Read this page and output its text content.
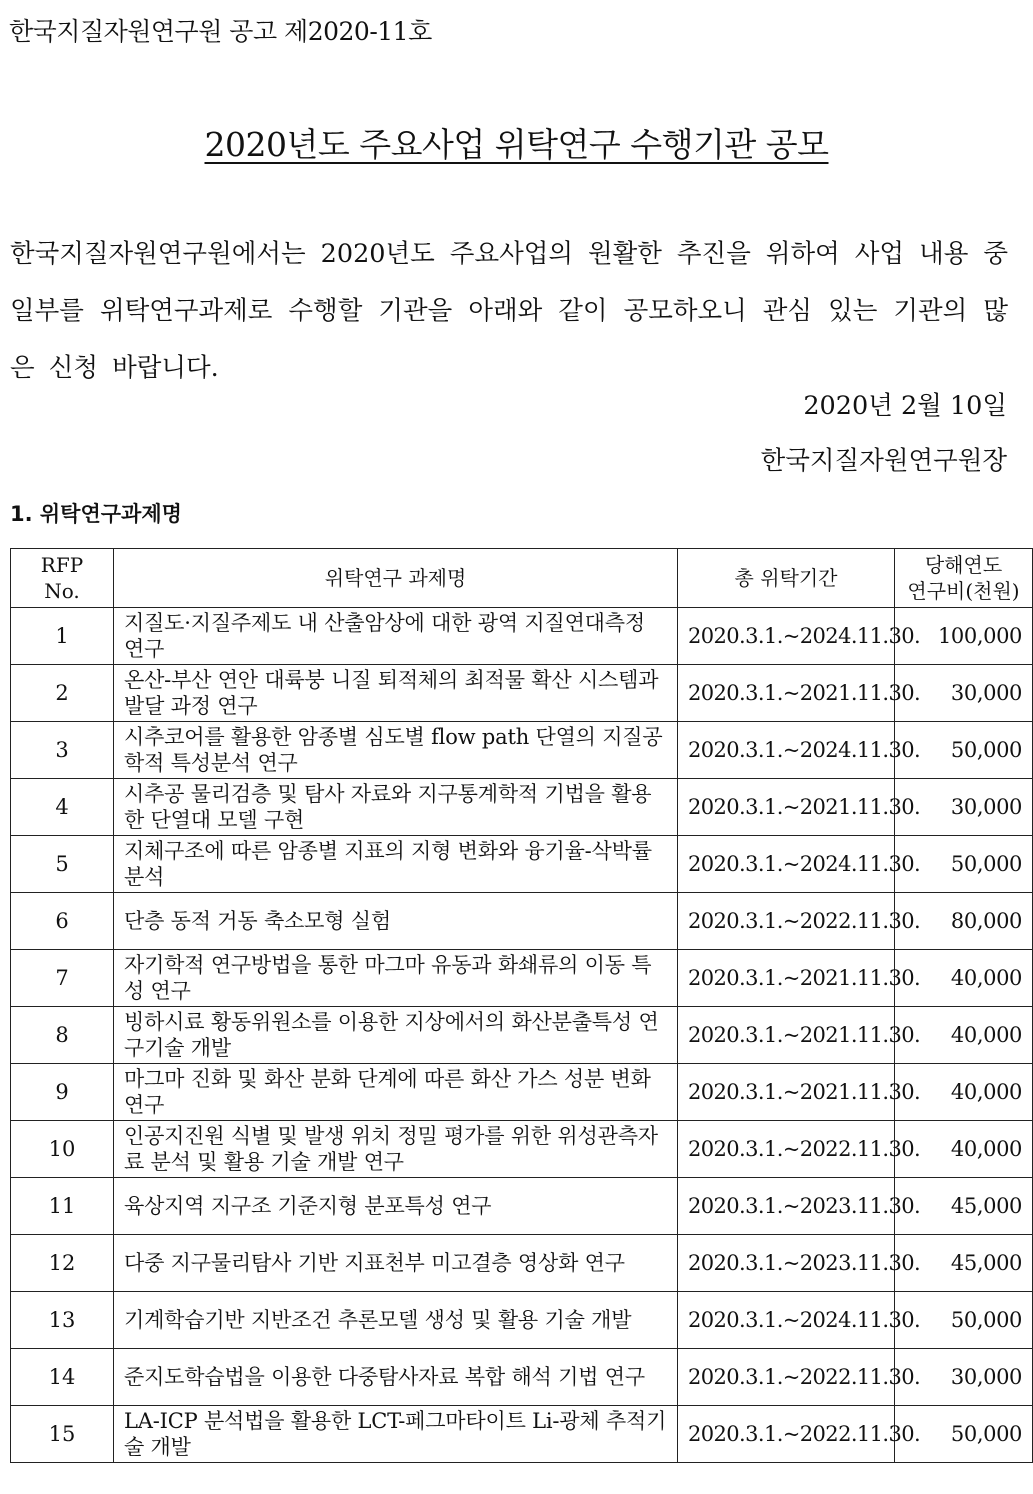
한국지질자원연구원 공고 제2020-11호
2020년도 주요사업 위탁연구 수행기관 공모

한국지질자원연구원에서는 2020년도 주요사업의 원활한 추진을 위하여 사업 내용 중 일부를 위탁연구과제로 수행할 기관을 아래와 같이 공모하오니 관심 있는 기관의 많은 신청 바랍니다.

2020년 2월 10일
한국지질자원연구원장
1. 위탁연구과제명
RFP No.	위탁연구 과제명	총 위탁기간	당해연도
연구비(천원)
1	지질도·지질주제도 내 산출암상에 대한 광역 지질연대측정 연구	2020.3.1.~2024.11.30.	100,000
2	온산-부산 연안 대륙붕 니질 퇴적체의 최적물 확산 시스템과 발달 과정 연구	2020.3.1.~2021.11.30.	30,000
3	시추코어를 활용한 암종별 심도별 flow path 단열의 지질공학적 특성분석 연구	2020.3.1.~2024.11.30.	50,000
4	시추공 물리검층 및 탐사 자료와 지구통계학적 기법을 활용한 단열대 모델 구현	2020.3.1.~2021.11.30.	30,000
5	지체구조에 따른 암종별 지표의 지형 변화와 융기율-삭박률 분석	2020.3.1.~2024.11.30.	50,000
6	단층 동적 거동 축소모형 실험	2020.3.1.~2022.11.30.	80,000
7	자기학적 연구방법을 통한 마그마 유동과 화쇄류의 이동 특성 연구	2020.3.1.~2021.11.30.	40,000
8	빙하시료 황동위원소를 이용한 지상에서의 화산분출특성 연구기술 개발	2020.3.1.~2021.11.30.	40,000
9	마그마 진화 및 화산 분화 단계에 따른 화산 가스 성분 변화 연구	2020.3.1.~2021.11.30.	40,000
10	인공지진원 식별 및 발생 위치 정밀 평가를 위한 위성관측자료 분석 및 활용 기술 개발 연구	2020.3.1.~2022.11.30.	40,000
11	육상지역 지구조 기준지형 분포특성 연구	2020.3.1.~2023.11.30.	45,000
12	다중 지구물리탐사 기반 지표천부 미고결층 영상화 연구	2020.3.1.~2023.11.30.	45,000
13	기계학습기반 지반조건 추론모델 생성 및 활용 기술 개발	2020.3.1.~2024.11.30.	50,000
14	준지도학습법을 이용한 다중탐사자료 복합 해석 기법 연구	2020.3.1.~2022.11.30.	30,000
15	LA-ICP 분석법을 활용한 LCT-페그마타이트 Li-광체 추적기술 개발	2020.3.1.~2022.11.30.	50,000
